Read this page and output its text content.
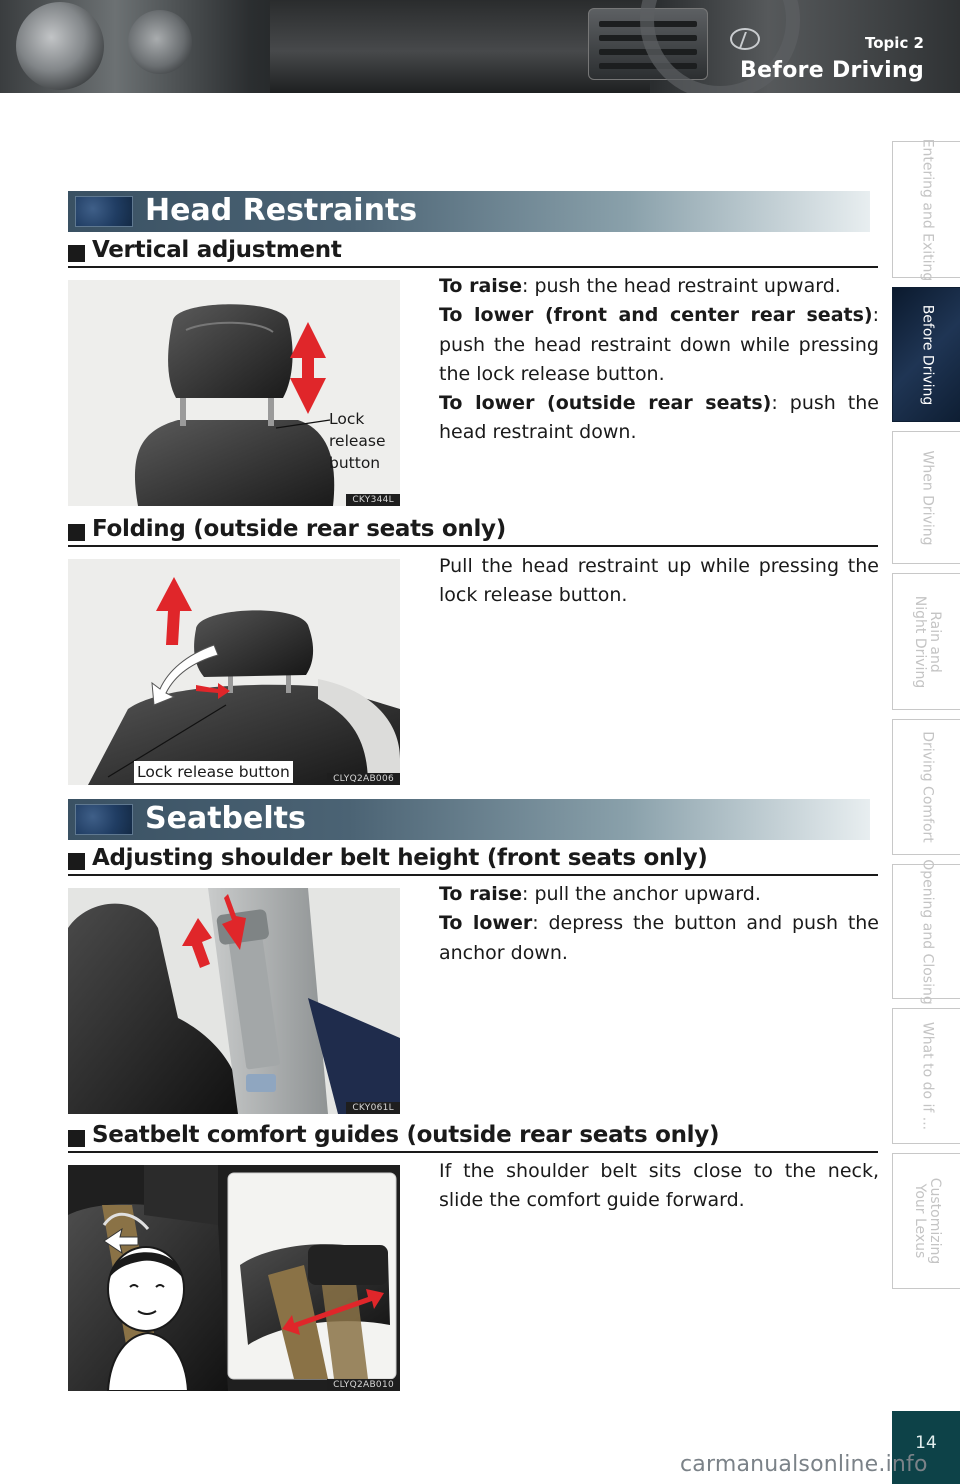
Topic 2
Before Driving
Head Restraints
Vertical adjustment
Lock
release
button
CKY344L

To raise: push the head restraint upward.

To lower (front and center rear seats): push the head restraint down while pressing the lock release button.

To lower (outside rear seats): push the head restraint down.

Folding (outside rear seats only)
Lock release button	CLYQ2AB006

Pull the head restraint up while pressing the lock release button.

Seatbelts
Adjusting shoulder belt height (front seats only)
CKY061L

To raise: pull the anchor upward.

To lower: depress the button and push the anchor down.

Seatbelt comfort guides (outside rear seats only)
CLYQ2AB010

If the shoulder belt sits close to the neck, slide the comfort guide forward.

Entering and Exiting
Before Driving
When Driving
Rain and
Night Driving
Driving Comfort
Opening and Closing
What to do if ...
Customizing
Your Lexus
14
carmanualsonline.info
